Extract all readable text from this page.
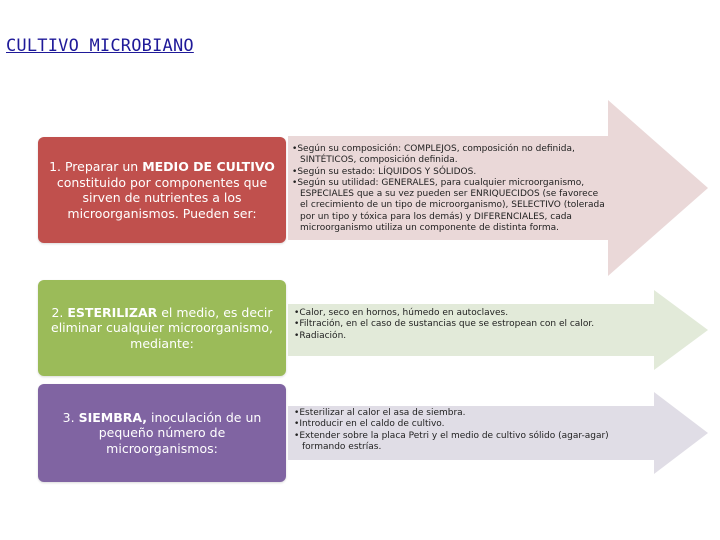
CULTIVO MICROBIANO
1. Preparar un MEDIO DE CULTIVO constituido por componentes que sirven de nutrientes a los microorganismos. Pueden ser:
2. ESTERILIZAR el medio, es decir eliminar cualquier microorganismo, mediante:
3. SIEMBRA, inoculación de un pequeño número de microorganismos:
• Según su composición: COMPLEJOS, composición no definida,
SINTÉTICOS, composición definida.
• Según su estado: LÍQUIDOS Y SÓLIDOS.
• Según su utilidad: GENERALES, para cualquier microorganismo,
ESPECIALES que a su vez pueden ser ENRIQUECIDOS (se favorece
el crecimiento de un tipo de microorganismo), SELECTIVO (tolerada
por un tipo y tóxica para los demás) y DIFERENCIALES, cada
microorganismo utiliza un componente de distinta forma.
• Calor, seco en hornos, húmedo en autoclaves.
• Filtración, en el caso de sustancias que se estropean con el calor.
• Radiación.
• Esterilizar al calor el asa de siembra.
• Introducir en el caldo de cultivo.
• Extender sobre la placa Petri y el medio de cultivo sólido (agar-agar)
formando estrías.
